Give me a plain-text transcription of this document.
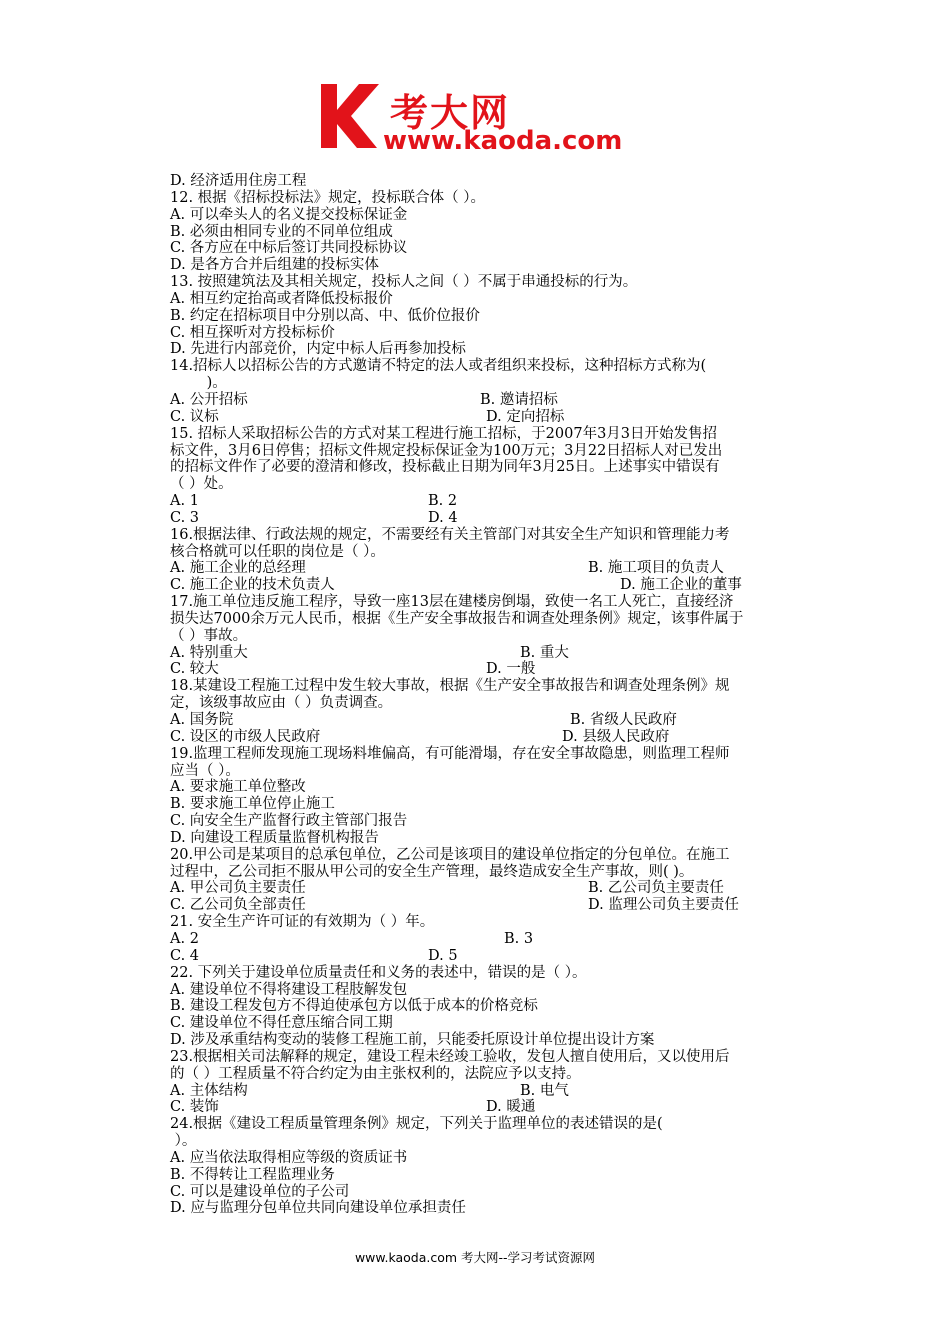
考大网
www.kaoda.com
D. 经济适用住房工程
12. 根据《招标投标法》规定，投标联合体（ ）。
A. 可以牵头人的名义提交投标保证金
B. 必须由相同专业的不同单位组成
C. 各方应在中标后签订共同投标协议
D. 是各方合并后组建的投标实体
13. 按照建筑法及其相关规定，投标人之间（ ）不属于串通投标的行为。
A. 相互约定抬高或者降低投标报价
B. 约定在招标项目中分别以高、中、低价位报价
C. 相互探听对方投标标价
D. 先进行内部竞价，内定中标人后再参加投标
14.招标人以招标公告的方式邀请不特定的法人或者组织来投标，这种招标方式称为(
)。
A. 公开招标	B. 邀请招标
C. 议标	D. 定向招标
15. 招标人采取招标公告的方式对某工程进行施工招标，于2007年3月3日开始发售招
标文件，3月6日停售；招标文件规定投标保证金为100万元；3月22日招标人对已发出
的招标文件作了必要的澄清和修改，投标截止日期为同年3月25日。上述事实中错误有
（ ）处。
A. 1	B. 2
C. 3	D. 4
16.根据法律、行政法规的规定，不需要经有关主管部门对其安全生产知识和管理能力考
核合格就可以任职的岗位是（ ）。
A. 施工企业的总经理	B. 施工项目的负责人
C. 施工企业的技术负责人	D. 施工企业的董事
17.施工单位违反施工程序，导致一座13层在建楼房倒塌，致使一名工人死亡，直接经济
损失达7000余万元人民币，根据《生产安全事故报告和调查处理条例》规定，该事件属于
（ ）事故。
A. 特别重大	B. 重大
C. 较大	D. 一般
18.某建设工程施工过程中发生较大事故，根据《生产安全事故报告和调查处理条例》规
定，该级事故应由（ ）负责调查。
A. 国务院	B. 省级人民政府
C. 设区的市级人民政府	D. 县级人民政府
19.监理工程师发现施工现场料堆偏高，有可能滑塌，存在安全事故隐患，则监理工程师
应当（ ）。
A. 要求施工单位整改
B. 要求施工单位停止施工
C. 向安全生产监督行政主管部门报告
D. 向建设工程质量监督机构报告
20.甲公司是某项目的总承包单位，乙公司是该项目的建设单位指定的分包单位。在施工
过程中，乙公司拒不服从甲公司的安全生产管理，最终造成安全生产事故，则( )。
A. 甲公司负主要责任	B. 乙公司负主要责任
C. 乙公司负全部责任	D. 监理公司负主要责任
21. 安全生产许可证的有效期为（ ）年。
A. 2	B. 3
C. 4	D. 5
22. 下列关于建设单位质量责任和义务的表述中，错误的是（ ）。
A. 建设单位不得将建设工程肢解发包
B. 建设工程发包方不得迫使承包方以低于成本的价格竞标
C. 建设单位不得任意压缩合同工期
D. 涉及承重结构变动的装修工程施工前，只能委托原设计单位提出设计方案
23.根据相关司法解释的规定，建设工程未经竣工验收，发包人擅自使用后，又以使用后
的（ ）工程质量不符合约定为由主张权利的，法院应予以支持。
A. 主体结构	B. 电气
C. 装饰	D. 暖通
24.根据《建设工程质量管理条例》规定，下列关于监理单位的表述错误的是(
）。
A. 应当依法取得相应等级的资质证书
B. 不得转让工程监理业务
C. 可以是建设单位的子公司
D. 应与监理分包单位共同向建设单位承担责任
www.kaoda.com 考大网--学习考试资源网
